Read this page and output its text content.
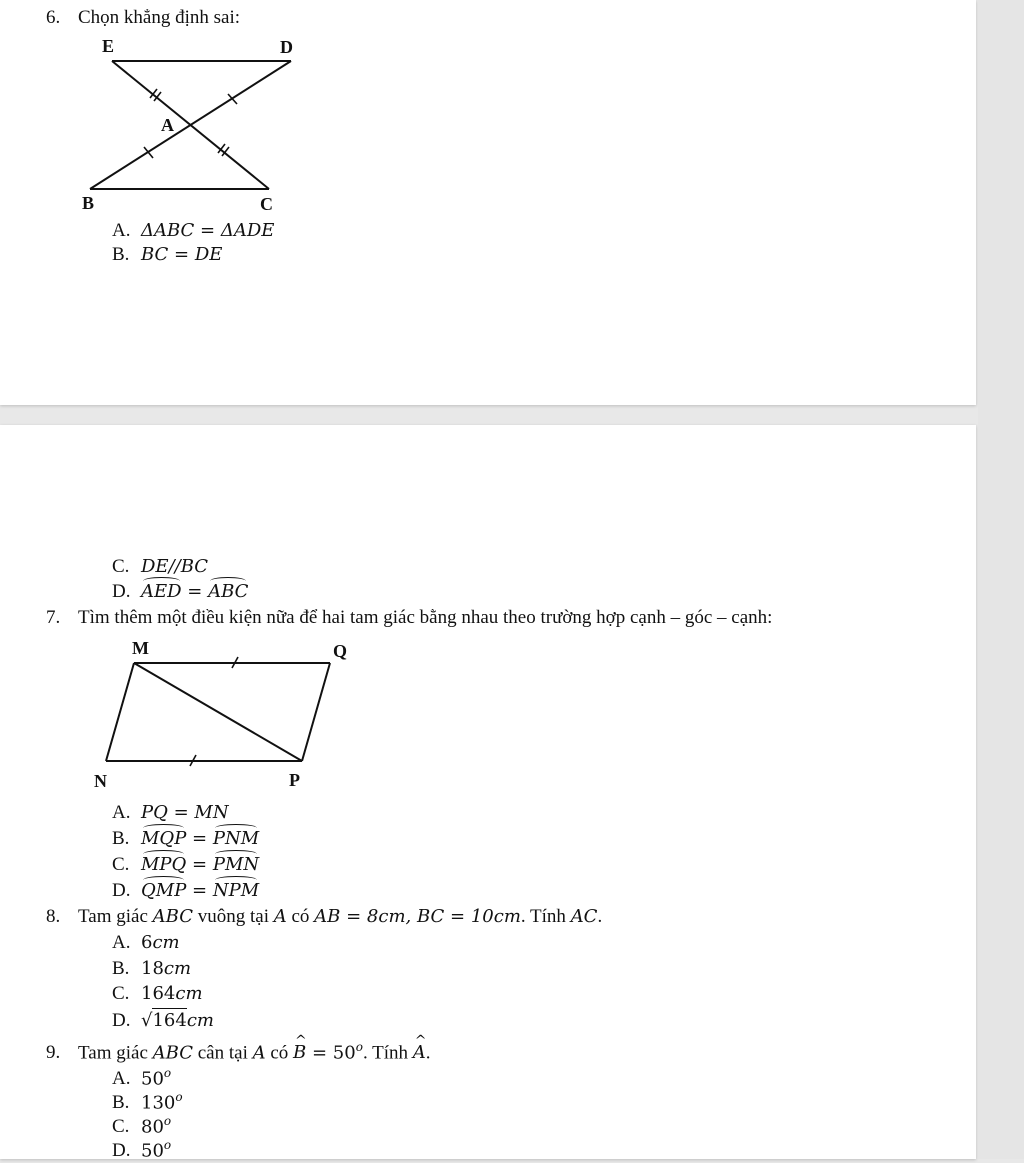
6. Chọn khẳng định sai:
E	D
A
B	C
A. ΔABC = ΔADE
B. BC = DE
C. DE//BC
D. AED = ABC
7. Tìm thêm một điều kiện nữa để hai tam giác bằng nhau theo trường hợp cạnh – góc – cạnh:
M	Q
N	P
A. PQ = MN
B. MQP = PNM
C. MPQ = PMN
D. QMP = NPM
8. Tam giác ABC vuông tại A có AB = 8cm, BC = 10cm. Tính AC.
A. 6cm
B. 18cm
C. 164cm
D. √164cm
9. Tam giác ABC cân tại A có ^ $B = 50^o$. Tính ^ A.
A. 50$^o$
B. 130$^o$
C. 80$^o$
D. 50$^o$
